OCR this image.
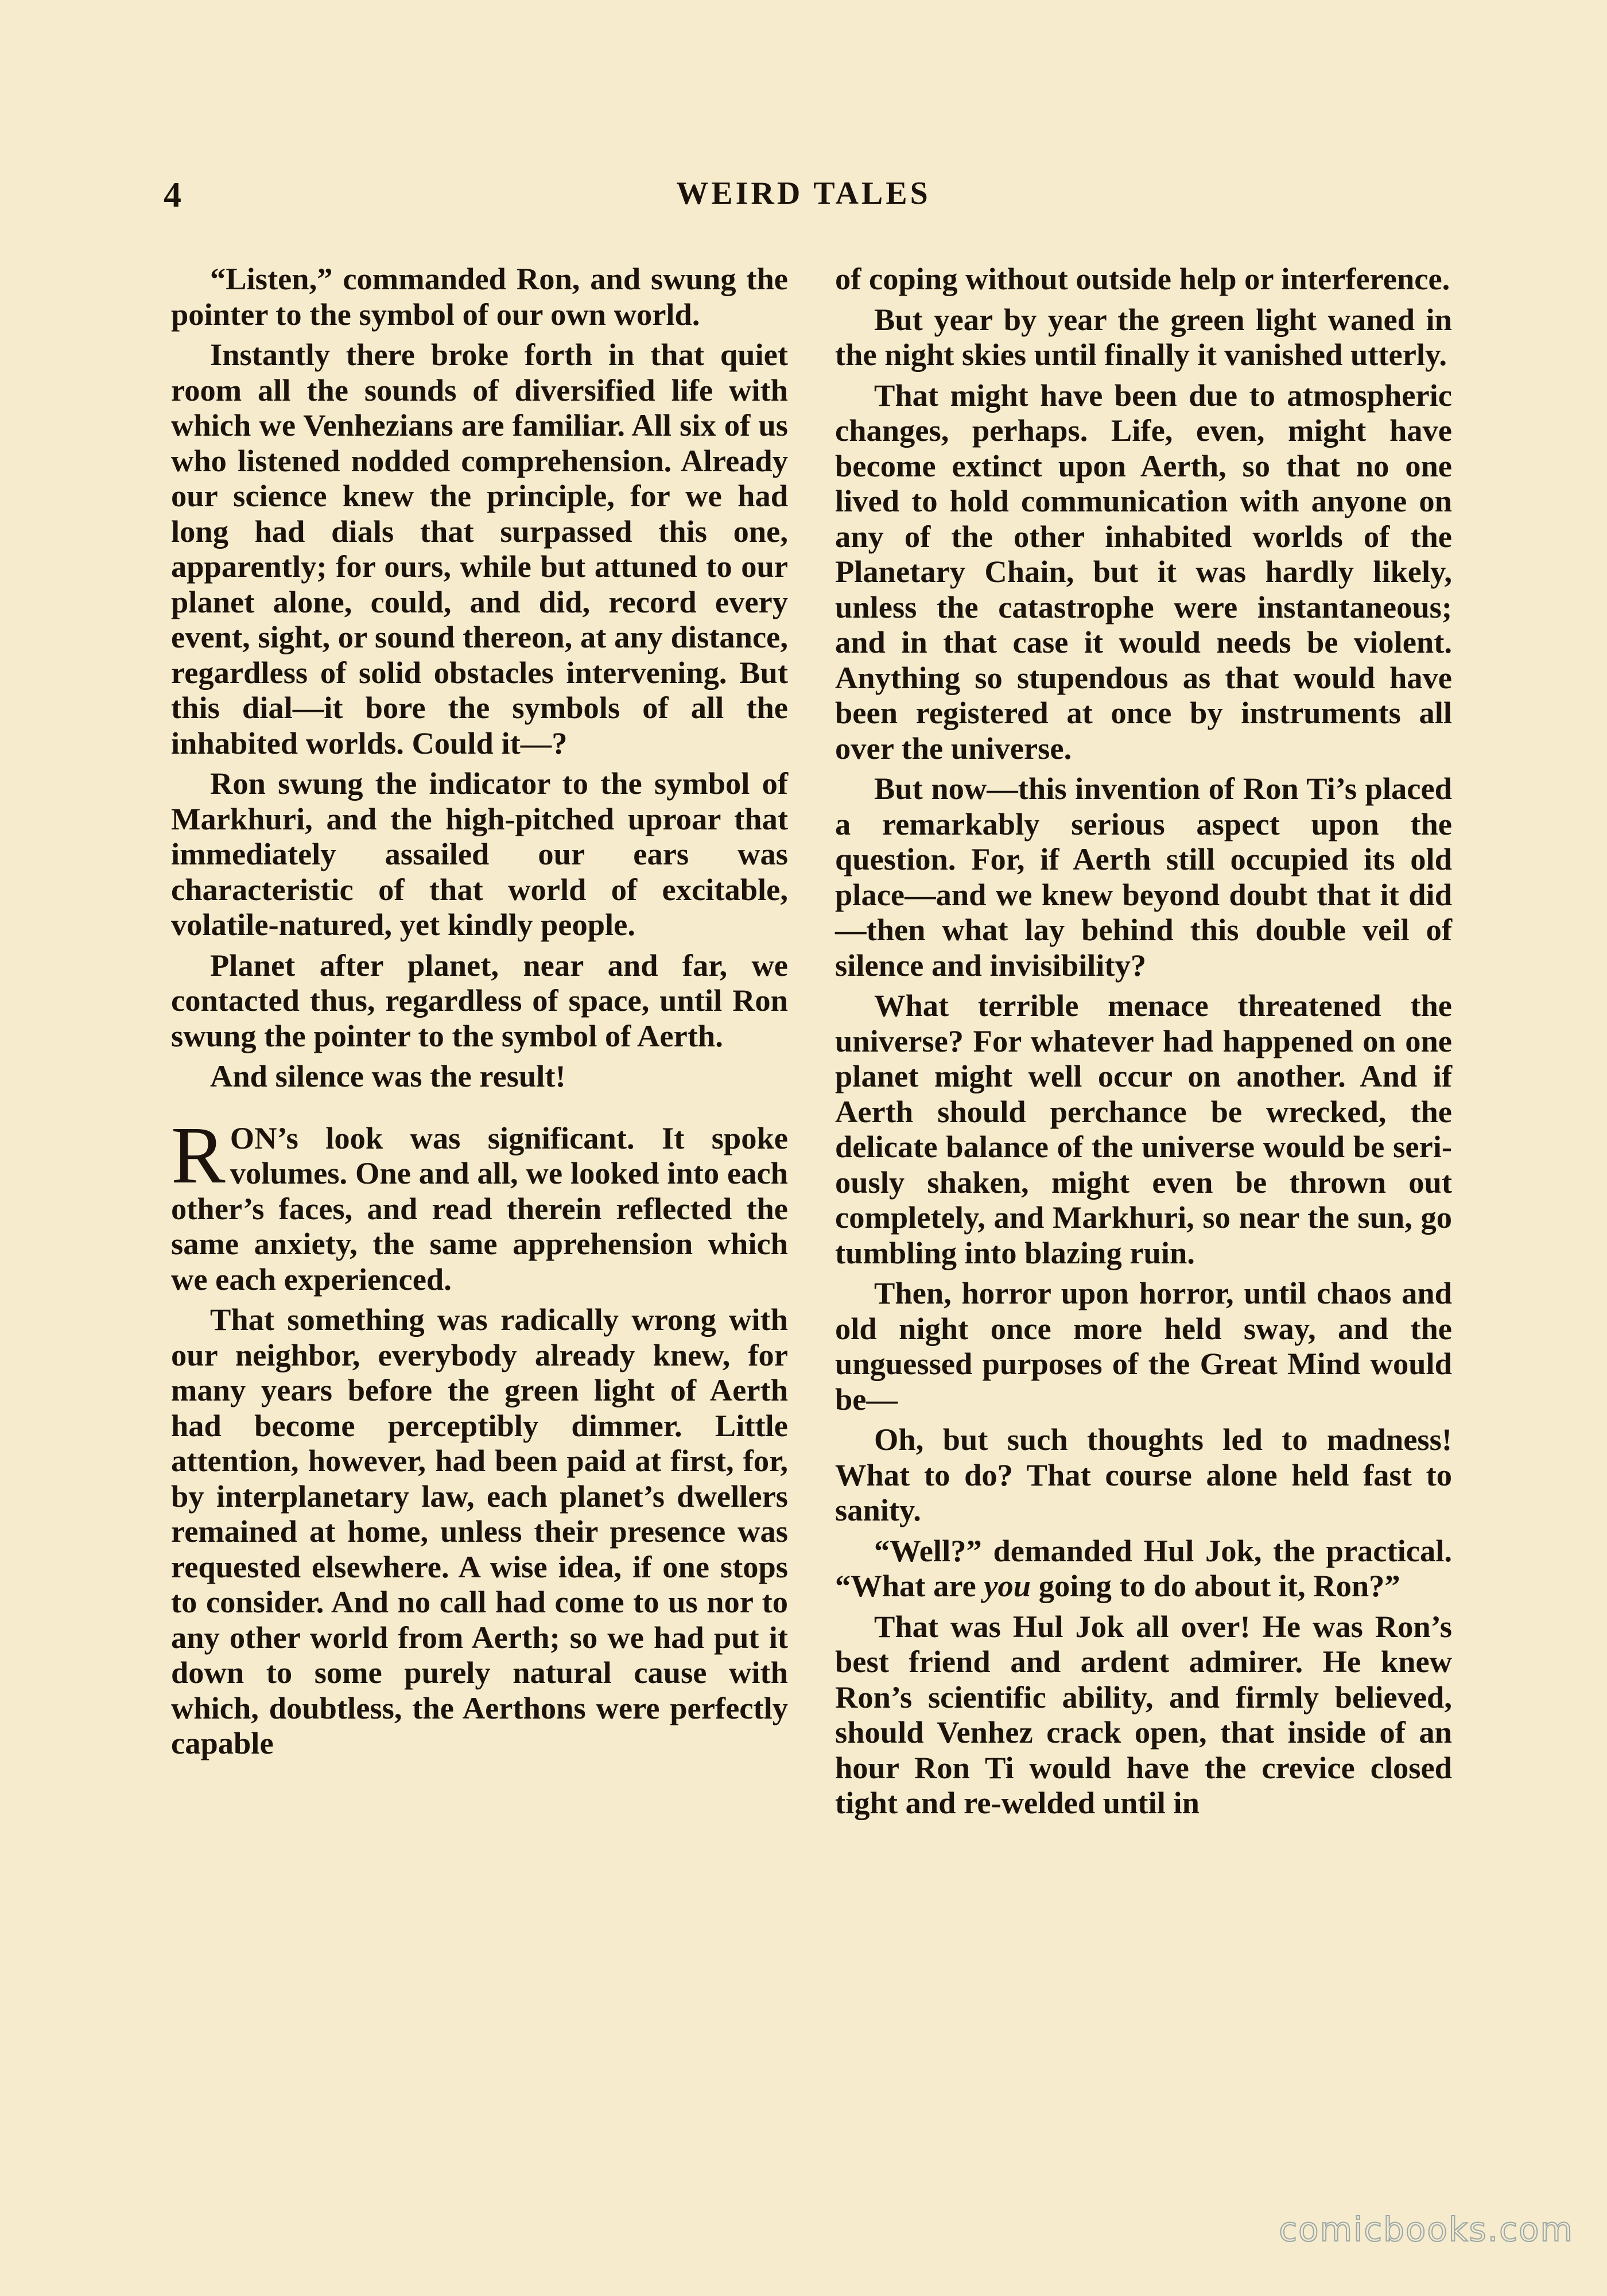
4	WEIRD TALES

“Listen,” commanded Ron, and swung the pointer to the symbol of our own world.

Instantly there broke forth in that quiet room all the sounds of diversified life with which we Venhezians are familiar. All six of us who listened nodded comprehension. Already our science knew the principle, for we had long had dials that surpassed this one, apparently; for ours, while but attuned to our planet alone, could, and did, record every event, sight, or sound thereon, at any distance, regardless of solid obstacles intervening. But this dial—it bore the symbols of all the inhabited worlds. Could it—?

Ron swung the indicator to the symbol of Markhuri, and the high-pitched uproar that immediately assailed our ears was characteristic of that world of excitable, volatile-natured, yet kindly people.

Planet after planet, near and far, we contacted thus, regardless of space, until Ron swung the pointer to the symbol of Aerth.

And silence was the result!

RON’s look was significant. It spoke volumes. One and all, we looked into each other’s faces, and read therein reflected the same anxiety, the same apprehension which we each experienced.

That something was radically wrong with our neighbor, everybody already knew, for many years before the green light of Aerth had become perceptibly dimmer. Little attention, however, had been paid at first, for, by interplanetary law, each planet’s dwellers remained at home, unless their presence was requested elsewhere. A wise idea, if one stops to consider. And no call had come to us nor to any other world from Aerth; so we had put it down to some purely natural cause with which, doubtless, the Aerthons were perfectly capable

of coping without outside help or interference.

But year by year the green light waned in the night skies until finally it vanished utterly.

That might have been due to atmospheric changes, perhaps. Life, even, might have become extinct upon Aerth, so that no one lived to hold communication with anyone on any of the other inhabited worlds of the Planetary Chain, but it was hardly likely, unless the catastrophe were instantaneous; and in that case it would needs be violent. Anything so stupendous as that would have been registered at once by instruments all over the universe.

But now—this invention of Ron Ti’s placed a remarkably serious aspect upon the question. For, if Aerth still occupied its old place—and we knew beyond doubt that it did —then what lay behind this double veil of silence and invisibility?

What terrible menace threatened the universe? For whatever had happened on one planet might well occur on another. And if Aerth should perchance be wrecked, the delicate balance of the universe would be seriously shaken, might even be thrown out completely, and Markhuri, so near the sun, go tumbling into blazing ruin.

Then, horror upon horror, until chaos and old night once more held sway, and the unguessed purposes of the Great Mind would be—

Oh, but such thoughts led to madness! What to do? That course alone held fast to sanity.

“Well?” demanded Hul Jok, the practical. “What are you going to do about it, Ron?”

That was Hul Jok all over! He was Ron’s best friend and ardent admirer. He knew Ron’s scientific ability, and firmly believed, should Venhez crack open, that inside of an hour Ron Ti would have the crevice closed tight and re-welded until in

comicbooks.com
